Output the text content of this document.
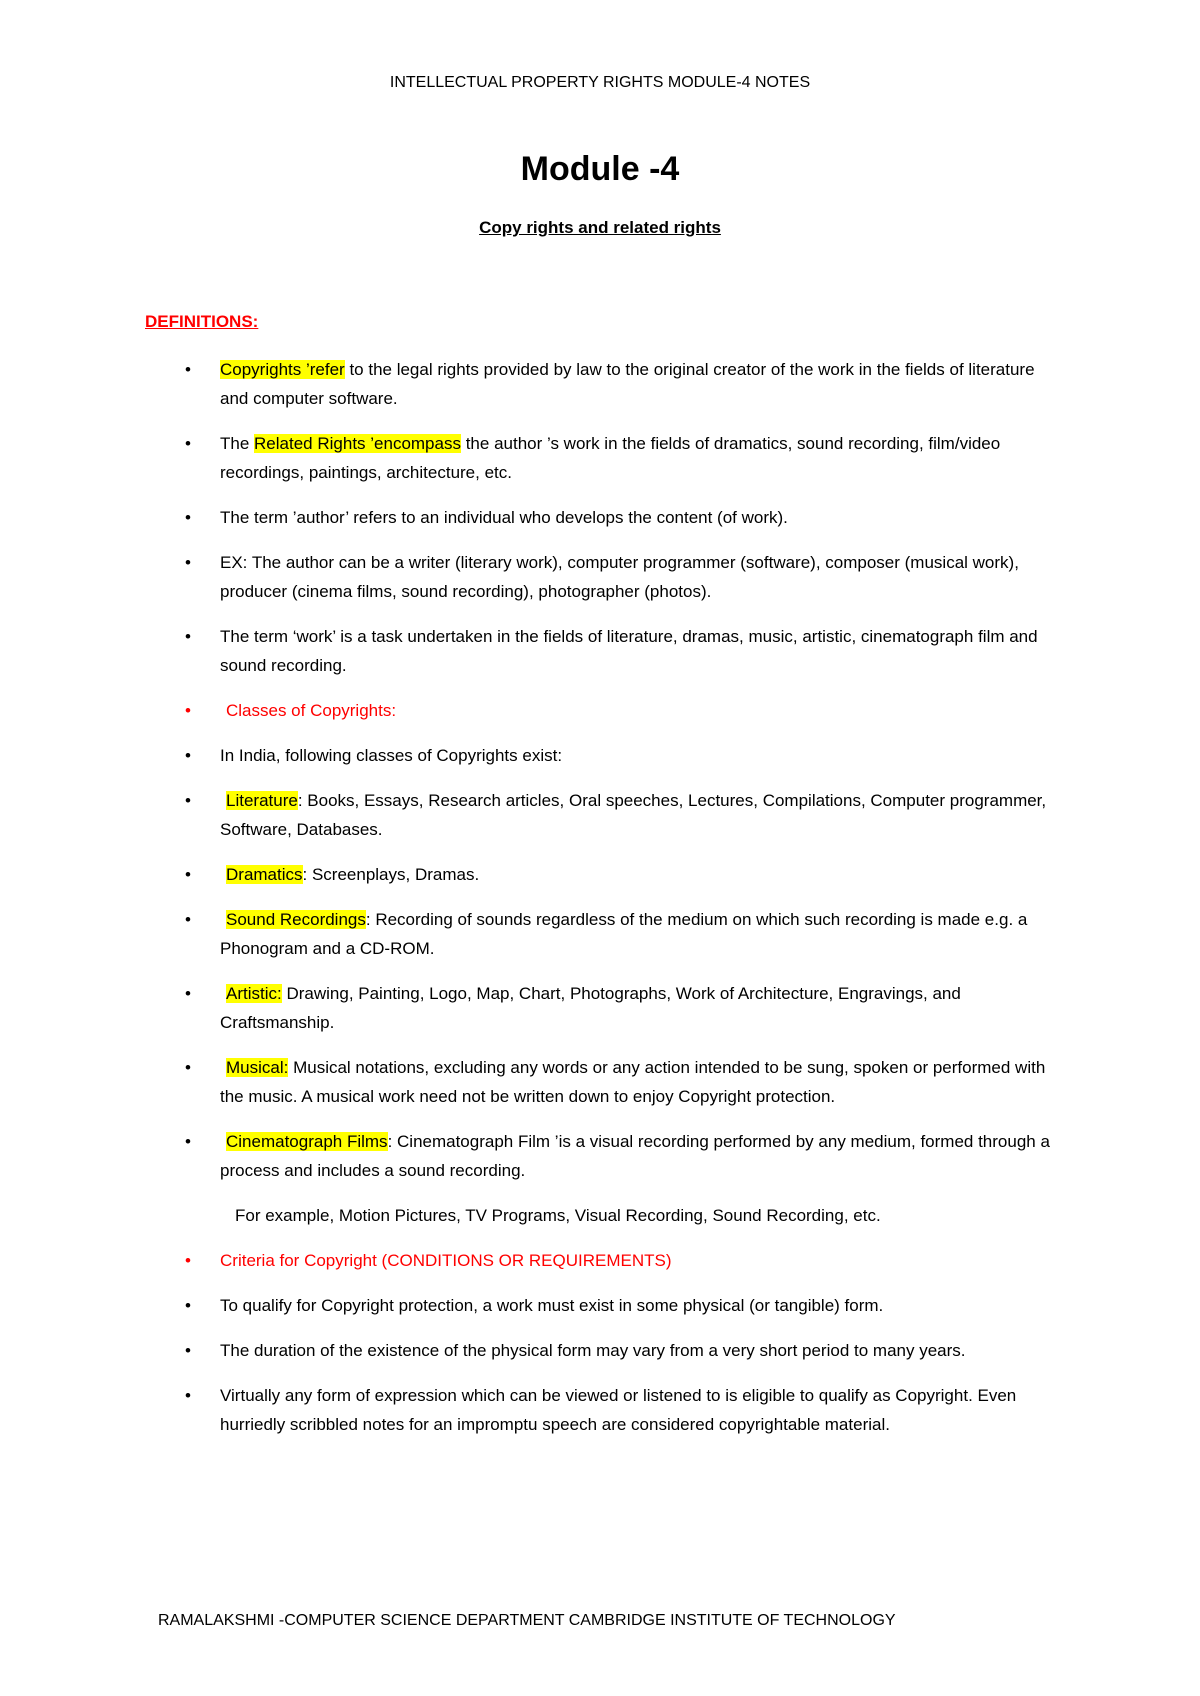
INTELLECTUAL PROPERTY RIGHTS MODULE-4 NOTES
Module -4
Copy rights and related rights
DEFINITIONS:
• Copyrights ’refer to the legal rights provided by law to the original creator of the work in the fields of literature and computer software.
• The Related Rights ’encompass the author ’s work in the fields of dramatics, sound recording, film/video recordings, paintings, architecture, etc.
• The term ’author’ refers to an individual who develops the content (of work).
• EX: The author can be a writer (literary work), computer programmer (software), composer (musical work), producer (cinema films, sound recording), photographer (photos).
• The term ‘work’ is a task undertaken in the fields of literature, dramas, music, artistic, cinematograph film and sound recording.
• Classes of Copyrights:
• In India, following classes of Copyrights exist:
• Literature: Books, Essays, Research articles, Oral speeches, Lectures, Compilations, Computer programmer, Software, Databases.
• Dramatics: Screenplays, Dramas.
• Sound Recordings: Recording of sounds regardless of the medium on which such recording is made e.g. a Phonogram and a CD-ROM.
• Artistic: Drawing, Painting, Logo, Map, Chart, Photographs, Work of Architecture, Engravings, and Craftsmanship.
• Musical: Musical notations, excluding any words or any action intended to be sung, spoken or performed with the music. A musical work need not be written down to enjoy Copyright protection.
• Cinematograph Films: Cinematograph Film ’is a visual recording performed by any medium, formed through a process and includes a sound recording.
For example, Motion Pictures, TV Programs, Visual Recording, Sound Recording, etc.
• Criteria for Copyright (CONDITIONS OR REQUIREMENTS)
• To qualify for Copyright protection, a work must exist in some physical (or tangible) form.
• The duration of the existence of the physical form may vary from a very short period to many years.
• Virtually any form of expression which can be viewed or listened to is eligible to qualify as Copyright. Even hurriedly scribbled notes for an impromptu speech are considered copyrightable material.
RAMALAKSHMI -COMPUTER SCIENCE DEPARTMENT CAMBRIDGE INSTITUTE OF TECHNOLOGY
